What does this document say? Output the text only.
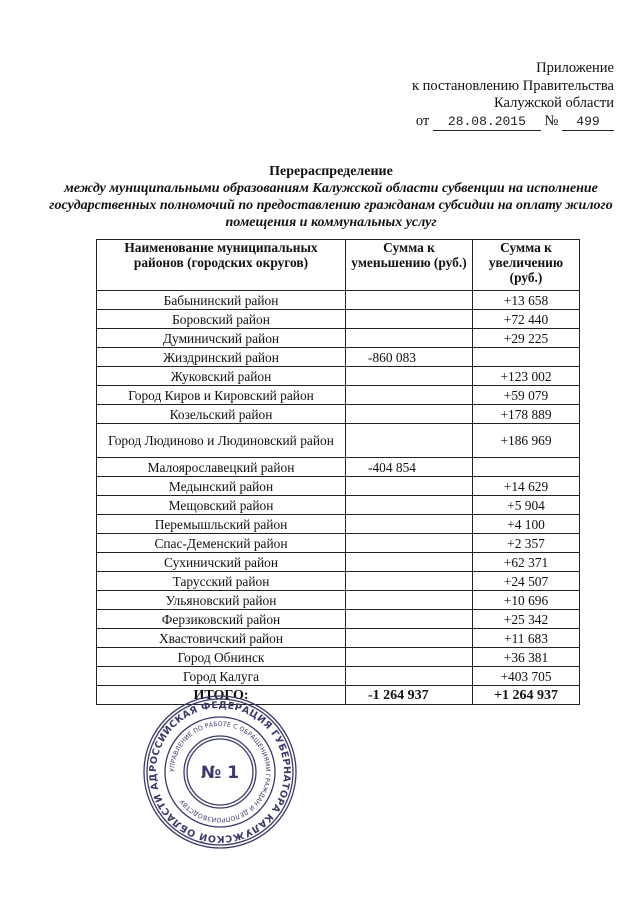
Приложение
к постановлению Правительства
Калужской области
от 28.08.2015 № 499
Перераспределение
между муниципальными образованиям Калужской области субвенции на исполнение государственных полномочий по предоставлению гражданам субсидии на оплату жилого помещения и коммунальных услуг
Наименование муниципальных районов (городских округов)	Сумма к уменьшению (руб.)	Сумма к увеличению (руб.)
Бабынинский район		+13 658
Боровский район		+72 440
Думиничский район		+29 225
Жиздринский район	-860 083	
Жуковский район		+123 002
Город Киров и Кировский район		+59 079
Козельский район		+178 889
Город Людиново и Людиновский район		+186 969
Малоярославецкий район	-404 854	
Медынский район		+14 629
Мещовский район		+5 904
Перемышльский район		+4 100
Спас-Деменский район		+2 357
Сухиничский район		+62 371
Тарусский район		+24 507
Ульяновский район		+10 696
Ферзиковский район		+25 342
Хвастовичский район		+11 683
Город Обнинск		+36 381
Город Калуга		+403 705
ИТОГО:	-1 264 937	+1 264 937
РОССИЙСКАЯ ФЕДЕРАЦИЯ ГУБЕРНАТОРА КАЛУЖСКОЙ ОБЛАСТИ АД
УПРАВЛЕНИЕ ПО РАБОТЕ С ОБРАЩЕНИЯМИ ГРАЖДАН И ДЕЛОПРОИЗВОДСТВУ
№ 1
